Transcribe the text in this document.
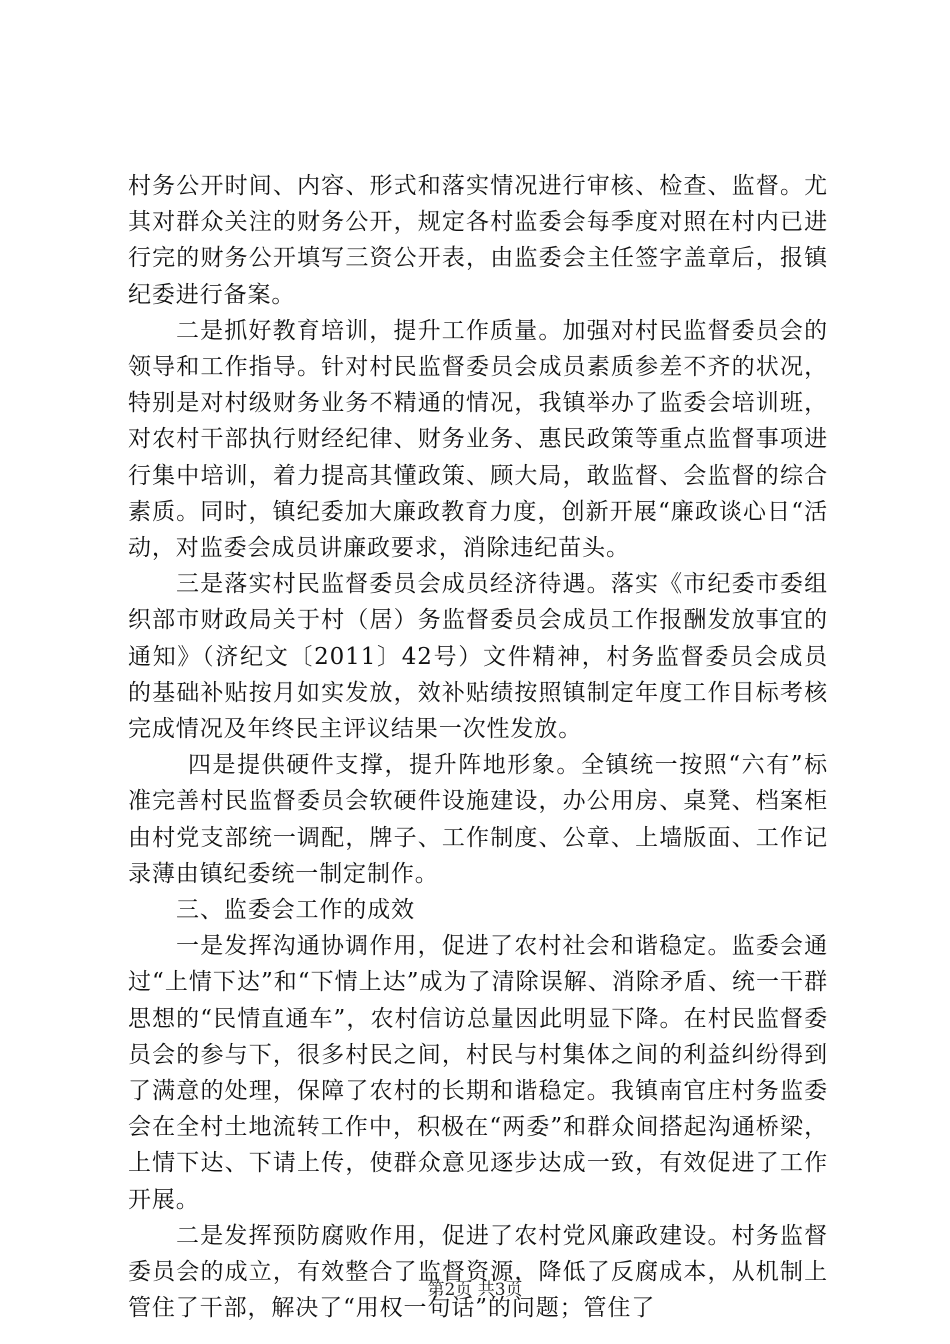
村务公开时间、内容、形式和落实情况进行审核、检查、监督。尤其对群众关注的财务公开，规定各村监委会每季度对照在村内已进行完的财务公开填写三资公开表，由监委会主任签字盖章后，报镇纪委进行备案。

二是抓好教育培训，提升工作质量。加强对村民监督委员会的领导和工作指导。针对村民监督委员会成员素质参差不齐的状况，特别是对村级财务业务不精通的情况，我镇举办了监委会培训班，对农村干部执行财经纪律、财务业务、惠民政策等重点监督事项进行集中培训，着力提高其懂政策、顾大局，敢监督、会监督的综合素质。同时，镇纪委加大廉政教育力度，创新开展“廉政谈心日“活动，对监委会成员讲廉政要求，消除违纪苗头。

三是落实村民监督委员会成员经济待遇。落实《市纪委市委组织部市财政局关于村（居）务监督委员会成员工作报酬发放事宜的通知》（济纪文〔2011〕42号）文件精神，村务监督委员会成员的基础补贴按月如实发放，效补贴绩按照镇制定年度工作目标考核完成情况及年终民主评议结果一次性发放。

四是提供硬件支撑，提升阵地形象。全镇统一按照“六有”标准完善村民监督委员会软硬件设施建设，办公用房、桌凳、档案柜由村党支部统一调配，牌子、工作制度、公章、上墙版面、工作记录薄由镇纪委统一制定制作。

三、监委会工作的成效

一是发挥沟通协调作用，促进了农村社会和谐稳定。监委会通过“上情下达”和“下情上达”成为了清除误解、消除矛盾、统一干群思想的“民情直通车”，农村信访总量因此明显下降。在村民监督委员会的参与下，很多村民之间，村民与村集体之间的利益纠纷得到了满意的处理，保障了农村的长期和谐稳定。我镇南官庄村务监委会在全村土地流转工作中，积极在“两委”和群众间搭起沟通桥梁，上情下达、下请上传，使群众意见逐步达成一致，有效促进了工作开展。

二是发挥预防腐败作用，促进了农村党风廉政建设。村务监督委员会的成立，有效整合了监督资源，降低了反腐成本，从机制上管住了干部，解决了“用权一句话”的问题；管住了

第2页 共3页
